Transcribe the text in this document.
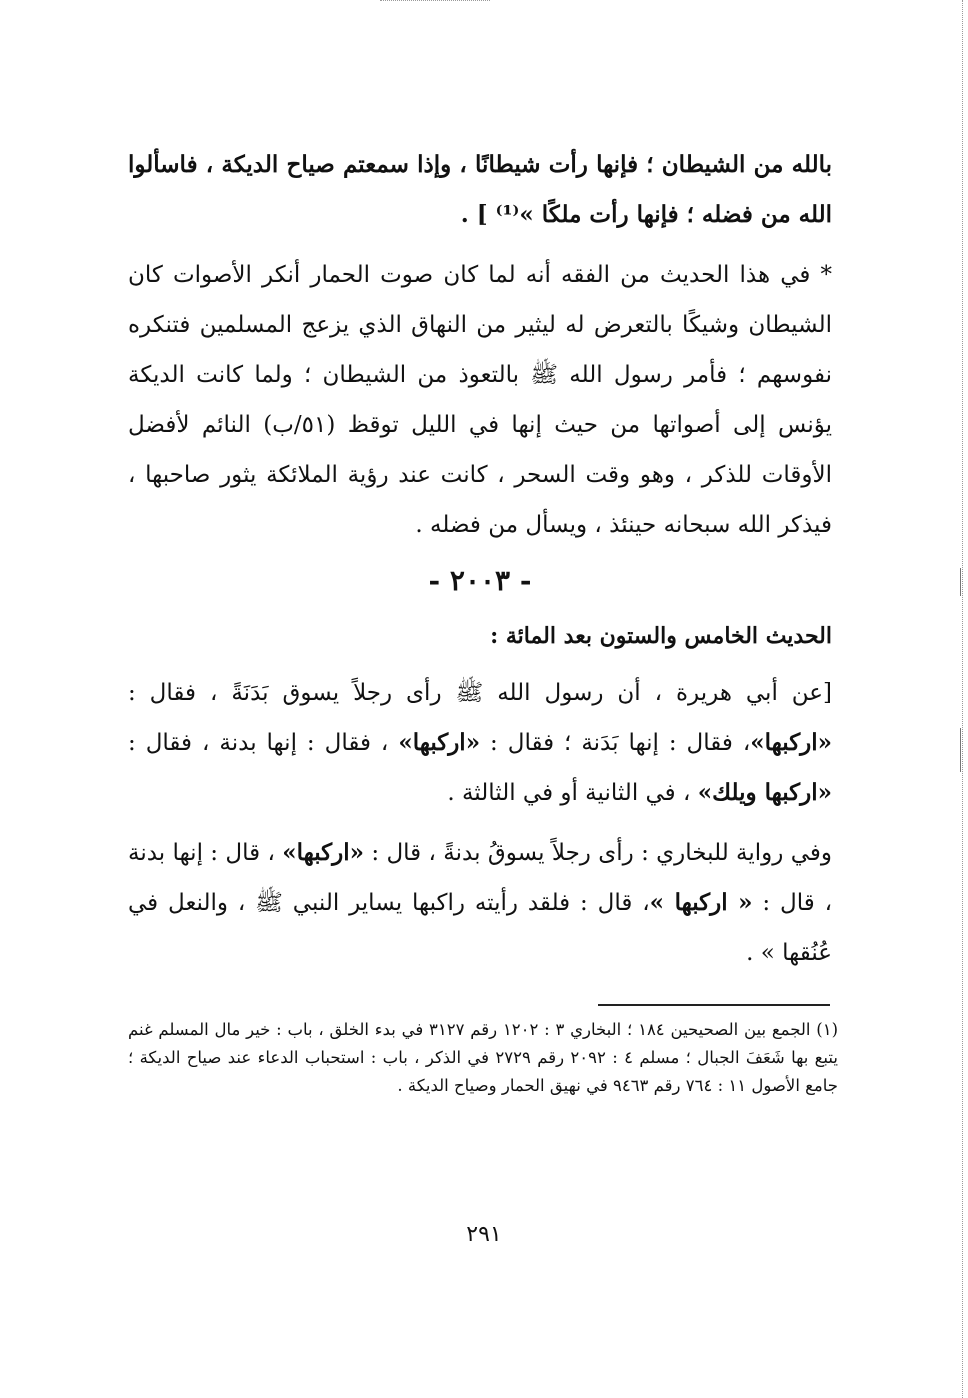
بالله من الشيطان ؛ فإنها رأت شيطانًا ، وإذا سمعتم صياح الديكة ، فاسألوا الله من فضله ؛ فإنها رأت ملكًا »⁽¹⁾ ] .

* في هذا الحديث من الفقه أنه لما كان صوت الحمار أنكر الأصوات كان الشيطان وشيكًا بالتعرض له ليثير من النهاق الذي يزعج المسلمين فتنكره نفوسهم ؛ فأمر رسول الله ﷺ بالتعوذ من الشيطان ؛ ولما كانت الديكة يؤنس إلى أصواتها من حيث إنها في الليل توقظ (٥١/ب) النائم لأفضل الأوقات للذكر ، وهو وقت السحر ، كانت عند رؤية الملائكة يثور صاحبها ، فيذكر الله سبحانه حينئذ ، ويسأل من فضله .

- ٢٠٠٣ -

الحديث الخامس والستون بعد المائة :

[عن أبي هريرة ، أن رسول الله ﷺ رأى رجلاً يسوق بَدَنَةً ، فقال : «اركبها»، فقال : إنها بَدَنة ؛ فقال : «اركبها» ، فقال : إنها بدنة ، فقال : «اركبها ويلك» ، في الثانية أو في الثالثة .

وفي رواية للبخاري : رأى رجلاً يسوقُ بدنةً ، قال : «اركبها» ، قال : إنها بدنة ، قال : « اركبها »، قال : فلقد رأيته راكبها يساير النبي ﷺ ، والنعل في عُنُقها » .

(١) الجمع بين الصحيحين ١٨٤ ؛ البخاري ٣ : ١٢٠٢ رقم ٣١٢٧ في بدء الخلق ، باب : خير مال المسلم غنم يتبع بها شَعَفَ الجبال ؛ مسلم ٤ : ٢٠٩٢ رقم ٢٧٢٩ في الذكر ، باب : استحباب الدعاء عند صياح الديكة ؛ جامع الأصول ١١ : ٧٦٤ رقم ٩٤٦٣ في نهيق الحمار وصياح الديكة .

٢٩١
